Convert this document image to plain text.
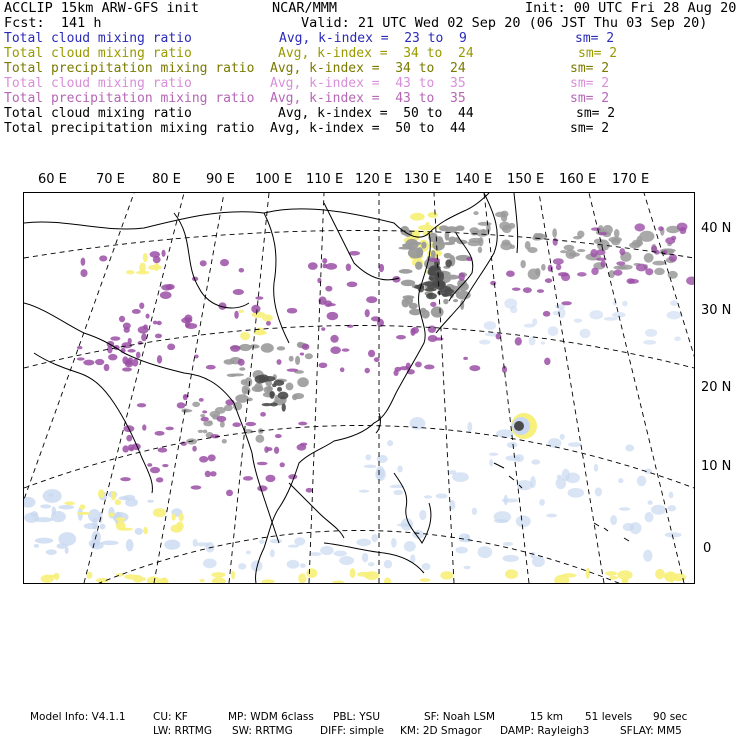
ACCLIP 15km ARW-GFS init	NCAR/MMM	Init: 00 UTC Fri 28 Aug 20
Fcst:  141 h	Valid: 21 UTC Wed 02 Sep 20 (06 JST Thu 03 Sep 20)
Total cloud mixing ratio	Avg, k-index =  23 to  9	sm= 2
Total cloud mixing ratio	Avg, k-index =  34 to  24	sm= 2
Total precipitation mixing ratio Avg, k-index =  34 to  24	sm= 2
Total cloud mixing ratio	Avg, k-index =  43 to  35	sm= 2
Total precipitation mixing ratio Avg, k-index =  43 to  35	sm= 2
Total cloud mixing ratio	Avg, k-index =  50 to  44	sm= 2
Total precipitation mixing ratio Avg, k-index =  50 to  44	sm= 2
60 E 70 E 80 E 90 E 100 E 110 E 120 E 130 E 140 E 150 E 160 E 170 E
40 N
30 N
20 N
10 N
0
Model Info: V4.1.1	CU: KF	MP: WDM 6class PBL: YSU	SF: Noah LSM	15 km 51 levels 90 sec
LW: RRTMG SW: RRTMG	DIFF: simple KM: 2D Smagor DAMP: Rayleigh3	SFLAY: MM5
